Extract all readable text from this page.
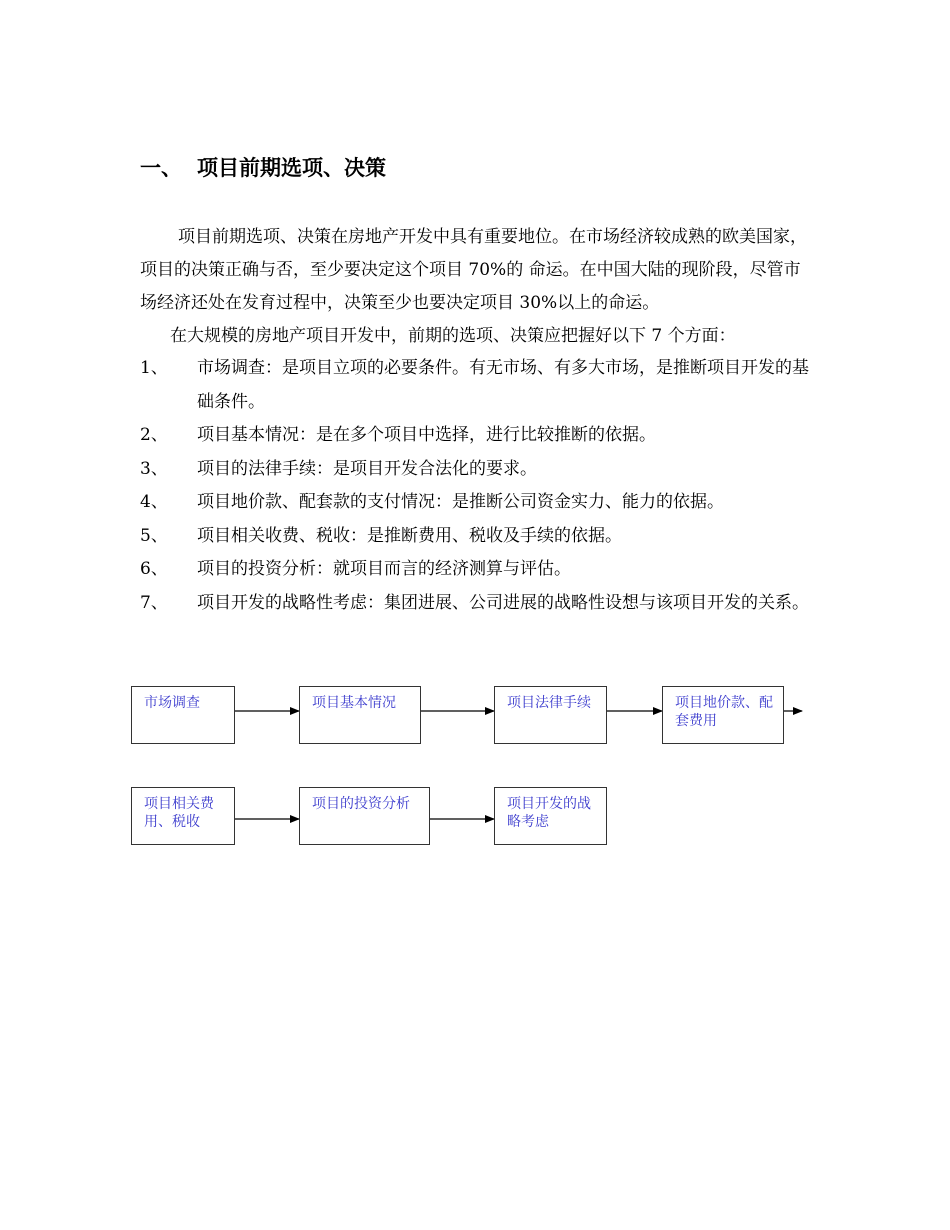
一、 项目前期选项、决策
项目前期选项、决策在房地产开发中具有重要地位。在市场经济较成熟的欧美国家，项目的决策正确与否，至少要决定这个项目 70%的 命运。在中国大陆的现阶段，尽管市场经济还处在发育过程中，决策至少也要决定项目 30%以上的命运。
在大规模的房地产项目开发中，前期的选项、决策应把握好以下 7 个方面：
1、 市场调查：是项目立项的必要条件。有无市场、有多大市场，是推断项目开发的基础条件。
2、 项目基本情况：是在多个项目中选择，进行比较推断的依据。
3、 项目的法律手续：是项目开发合法化的要求。
4、 项目地价款、配套款的支付情况：是推断公司资金实力、能力的依据。
5、 项目相关收费、税收：是推断费用、税收及手续的依据。
6、 项目的投资分析：就项目而言的经济测算与评估。
7、 项目开发的战略性考虑：集团进展、公司进展的战略性设想与该项目开发的关系。
市场调查	项目基本情况	项目法律手续	项目地价款、配套费用
项目相关费用、税收
项目的投资分析	项目开发的战略考虑
